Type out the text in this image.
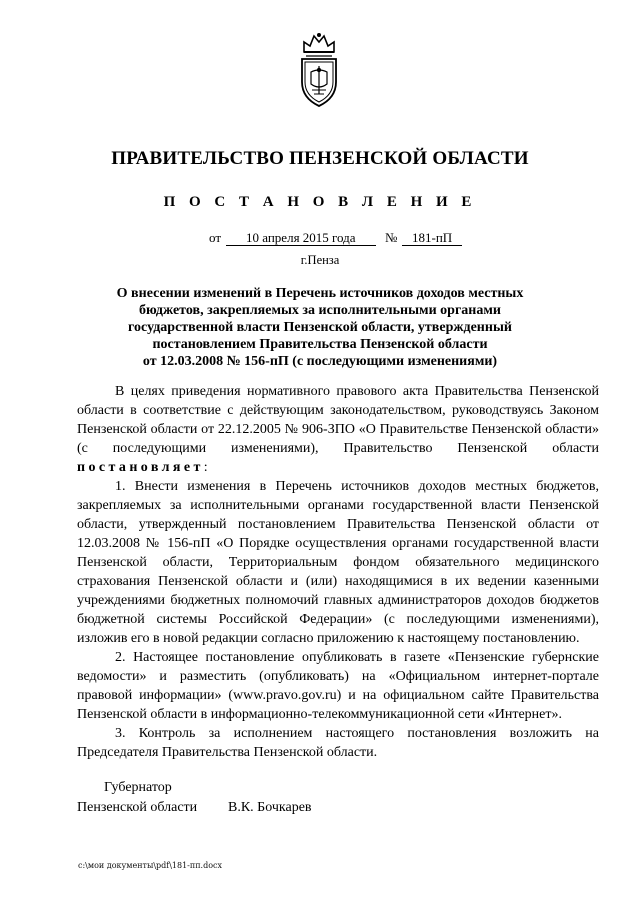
ПРАВИТЕЛЬСТВО ПЕНЗЕНСКОЙ ОБЛАСТИ
П О С Т А Н О В Л Е Н И Е
от 10 апреля 2015 года № 181-пП
г.Пенза
О внесении изменений в Перечень источников доходов местных
бюджетов, закрепляемых за исполнительными органами
государственной власти Пензенской области, утвержденный
постановлением Правительства Пензенской области
от 12.03.2008 № 156-пП (с последующими изменениями)

В целях приведения нормативного правового акта Правительства Пензенской области в соответствие с действующим законодательством, руководствуясь Законом Пензенской области от 22.12.2005 № 906-ЗПО «О Правительстве Пензенской области» (с последующими изменениями), Правительство Пензенской области постановляет:

1. Внести изменения в Перечень источников доходов местных бюджетов, закрепляемых за исполнительными органами государственной власти Пензенской области, утвержденный постановлением Правительства Пензенской области от 12.03.2008 № 156-пП «О Порядке осуществления органами государственной власти Пензенской области, Территориальным фондом обязательного медицинского страхования Пензенской области и (или) находящимися в их ведении казенными учреждениями бюджетных полномочий главных администраторов доходов бюджетов бюджетной системы Российской Федерации» (с последующими изменениями), изложив его в новой редакции согласно приложению к настоящему постановлению.

2. Настоящее постановление опубликовать в газете «Пензенские губернские ведомости» и разместить (опубликовать) на «Официальном интернет-портале правовой информации» (www.pravo.gov.ru) и на официальном сайте Правительства Пензенской области в информационно-телекоммуникационной сети «Интернет».

3. Контроль за исполнением настоящего постановления возложить на Председателя Правительства Пензенской области.

Губернатор
Пензенской области В.К. Бочкарев
c:\мои документы\pdf\181-пп.docx
